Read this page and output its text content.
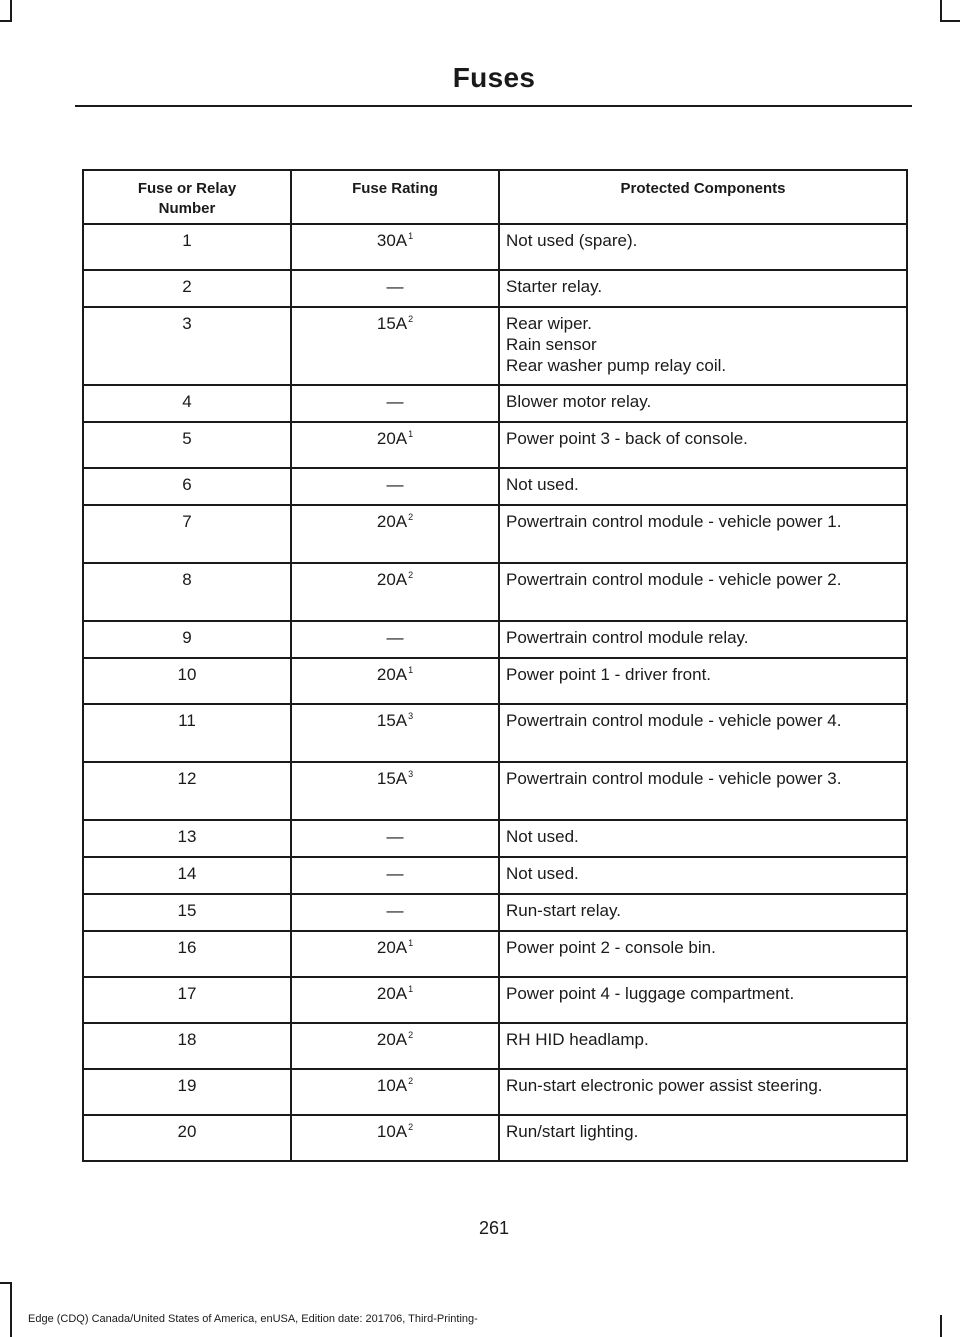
Fuses
Fuse or Relay
Number	Fuse Rating	Protected Components
1	$30A^1$	Not used (spare).

2	—	Starter relay.

3	$15A^2$	Rear wiper.
Rain sensor
Rear washer pump relay coil.

4	—	Blower motor relay.

5	$20A^1$	Power point 3 - back of console.

6	—	Not used.

7	$20A^2$	Powertrain control module - vehicle power 1.

8	$20A^2$	Powertrain control module - vehicle power 2.

9	—	Powertrain control module relay.

10	$20A^1$	Power point 1 - driver front.

11	$15A^3$	Powertrain control module - vehicle power 4.

12	$15A^3$	Powertrain control module - vehicle power 3.

13	—	Not used.

14	—	Not used.

15	—	Run-start relay.

16	$20A^1$	Power point 2 - console bin.

17	$20A^1$	Power point 4 - luggage compartment.

18	$20A^2$	RH HID headlamp.

19	$10A^2$	Run-start electronic power assist steering.

20	$10A^2$	Run/start lighting.
261
Edge (CDQ) Canada/United States of America, enUSA, Edition date: 201706, Third-Printing-
